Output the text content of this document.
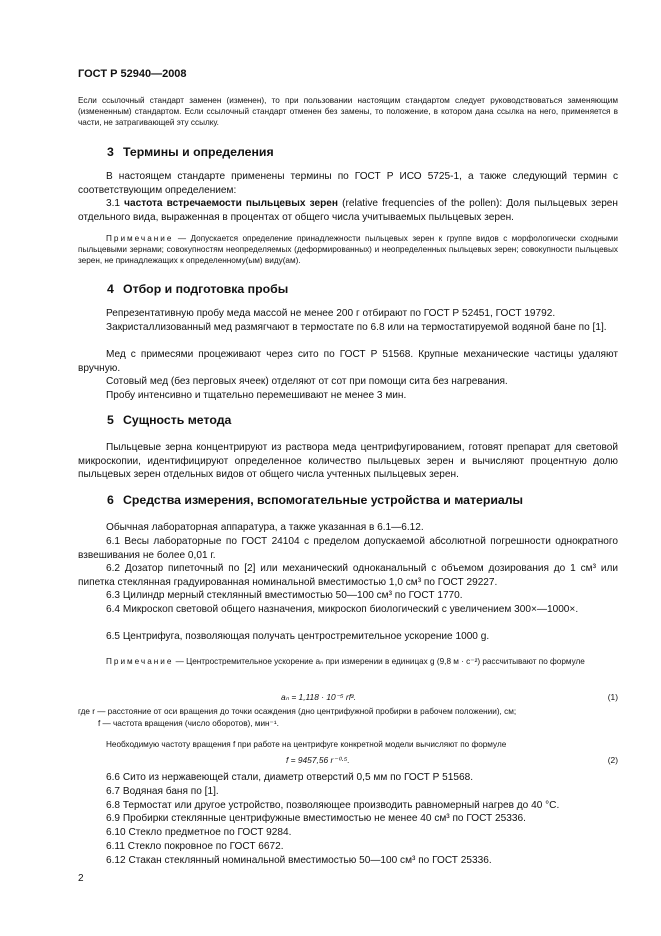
ГОСТ Р 52940—2008

Если ссылочный стандарт заменен (изменен), то при пользовании настоящим стандартом следует руководствоваться заменяющим (измененным) стандартом. Если ссылочный стандарт отменен без замены, то положение, в котором дана ссылка на него, применяется в части, не затрагивающей эту ссылку.

3 Термины и определения

В настоящем стандарте применены термины по ГОСТ Р ИСО 5725-1, а также следующий термин с соответствующим определением:

3.1 частота встречаемости пыльцевых зерен (relative frequencies of the pollen): Доля пыльцевых зерен отдельного вида, выраженная в процентах от общего числа учитываемых пыльцевых зерен.

Примечание — Допускается определение принадлежности пыльцевых зерен к группе видов с морфологически сходными пыльцевыми зернами; совокупностям неопределяемых (деформированных) и неопределенных пыльцевых зерен; совокупности пыльцевых зерен, не принадлежащих к определенному(ым) виду(ам).

4 Отбор и подготовка пробы

Репрезентативную пробу меда массой не менее 200 г отбирают по ГОСТ Р 52451, ГОСТ 19792.

Закристаллизованный мед размягчают в термостате по 6.8 или на термостатируемой водяной бане по [1].

Мед с примесями процеживают через сито по ГОСТ Р 51568. Крупные механические частицы удаляют вручную.

Сотовый мед (без перговых ячеек) отделяют от сот при помощи сита без нагревания.

Пробу интенсивно и тщательно перемешивают не менее 3 мин.

5 Сущность метода

Пыльцевые зерна концентрируют из раствора меда центрифугированием, готовят препарат для световой микроскопии, идентифицируют определенное количество пыльцевых зерен и вычисляют процентную долю пыльцевых зерен отдельных видов от общего числа учтенных пыльцевых зерен.

6 Средства измерения, вспомогательные устройства и материалы

Обычная лабораторная аппаратура, а также указанная в 6.1—6.12.

6.1 Весы лабораторные по ГОСТ 24104 с пределом допускаемой абсолютной погрешности однократного взвешивания не более 0,01 г.

6.2 Дозатор пипеточный по [2] или механический одноканальный с объемом дозирования до 1 см³ или пипетка стеклянная градуированная номинальной вместимостью 1,0 см³ по ГОСТ 29227.

6.3 Цилиндр мерный стеклянный вместимостью 50—100 см³ по ГОСТ 1770.

6.4 Микроскоп световой общего назначения, микроскоп биологический с увеличением 300×—1000×.

6.5 Центрифуга, позволяющая получать центростремительное ускорение 1000 g.

Примечание — Центростремительное ускорение aₙ при измерении в единицах g (9,8 м · c⁻²) рассчитывают по формуле

aₙ = 1,118 · 10⁻⁵ rf².	(1)

где r — расстояние от оси вращения до точки осаждения (дно центрифужной пробирки в рабочем положении), см;

f — частота вращения (число оборотов), мин⁻¹.

Необходимую частоту вращения f при работе на центрифуге конкретной модели вычисляют по формуле

f = 9457,56 r⁻⁰·⁵.	(2)

6.6 Сито из нержавеющей стали, диаметр отверстий 0,5 мм по ГОСТ Р 51568.

6.7 Водяная баня по [1].

6.8 Термостат или другое устройство, позволяющее производить равномерный нагрев до 40 °С.

6.9 Пробирки стеклянные центрифужные вместимостью не менее 40 см³ по ГОСТ 25336.

6.10 Стекло предметное по ГОСТ 9284.

6.11 Стекло покровное по ГОСТ 6672.

6.12 Стакан стеклянный номинальной вместимостью 50—100 см³ по ГОСТ 25336.

2
